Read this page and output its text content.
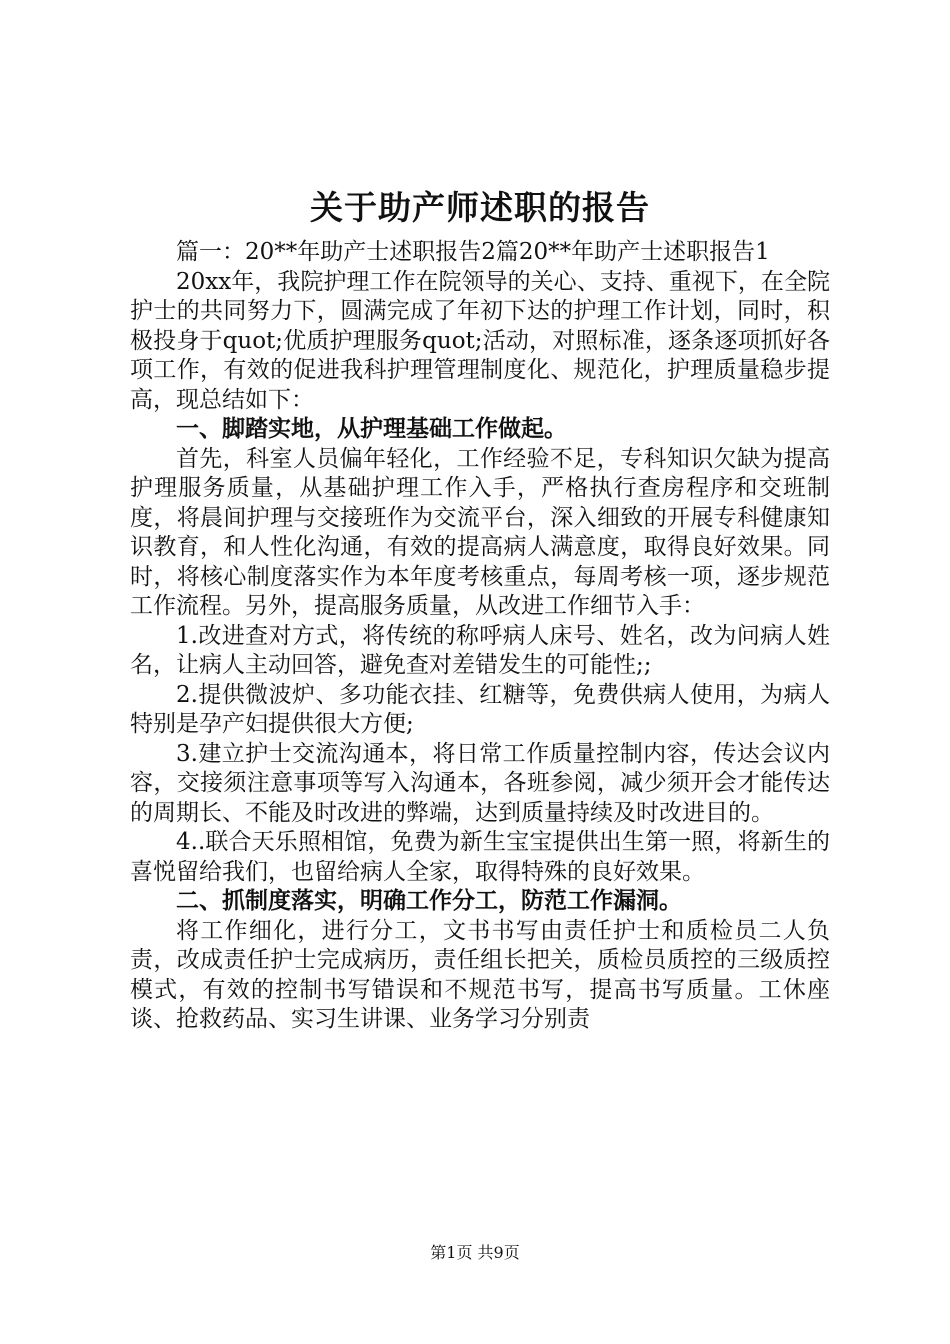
关于助产师述职的报告

篇一：20**年助产士述职报告2篇20**年助产士述职报告1

20xx年，我院护理工作在院领导的关心、支持、重视下，在全院护士的共同努力下，圆满完成了年初下达的护理工作计划，同时，积极投身于quot;优质护理服务quot;活动，对照标准，逐条逐项抓好各项工作，有效的促进我科护理管理制度化、规范化，护理质量稳步提高，现总结如下：

一、脚踏实地，从护理基础工作做起。

首先，科室人员偏年轻化，工作经验不足，专科知识欠缺为提高护理服务质量，从基础护理工作入手，严格执行查房程序和交班制度，将晨间护理与交接班作为交流平台，深入细致的开展专科健康知识教育，和人性化沟通，有效的提高病人满意度，取得良好效果。同时，将核心制度落实作为本年度考核重点，每周考核一项，逐步规范工作流程。另外，提高服务质量，从改进工作细节入手：

1.改进查对方式，将传统的称呼病人床号、姓名，改为问病人姓名，让病人主动回答，避免查对差错发生的可能性;;

2.提供微波炉、多功能衣挂、红糖等，免费供病人使用，为病人特别是孕产妇提供很大方便;

3.建立护士交流沟通本，将日常工作质量控制内容，传达会议内容，交接须注意事项等写入沟通本，各班参阅，减少须开会才能传达的周期长、不能及时改进的弊端，达到质量持续及时改进目的。

4..联合天乐照相馆，免费为新生宝宝提供出生第一照，将新生的喜悦留给我们，也留给病人全家，取得特殊的良好效果。

二、抓制度落实，明确工作分工，防范工作漏洞。

将工作细化，进行分工，文书书写由责任护士和质检员二人负责，改成责任护士完成病历，责任组长把关，质检员质控的三级质控模式，有效的控制书写错误和不规范书写，提高书写质量。工休座谈、抢救药品、实习生讲课、业务学习分别责

第1页 共9页
